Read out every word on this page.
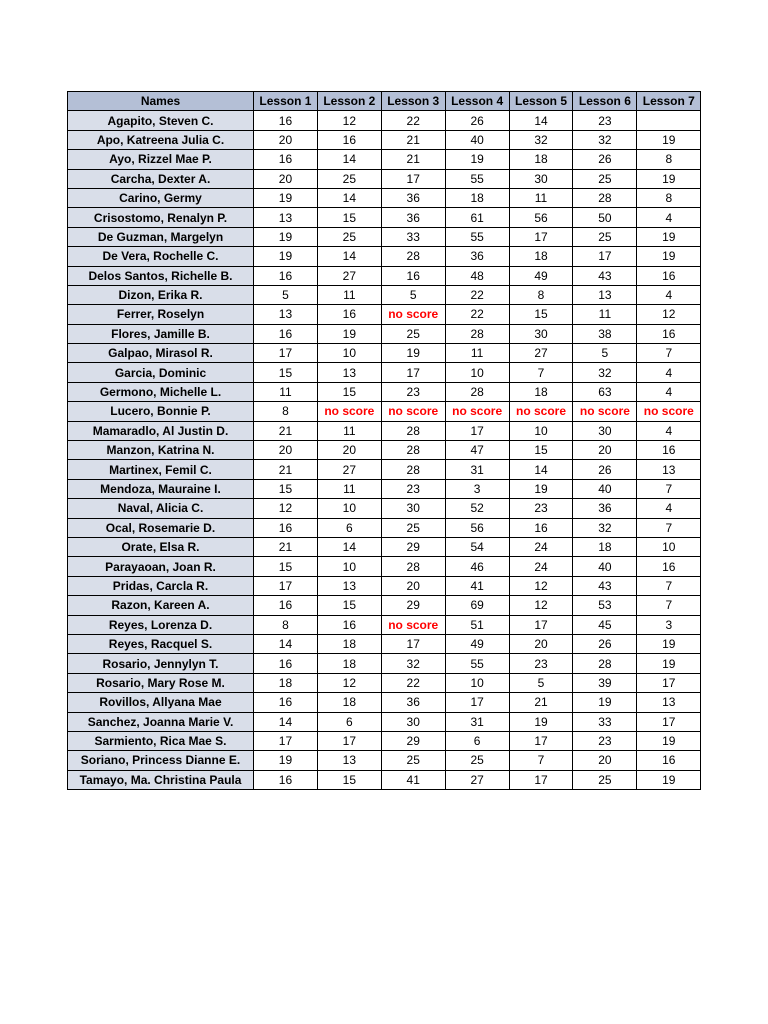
Names	Lesson 1	Lesson 2	Lesson 3	Lesson 4	Lesson 5	Lesson 6	Lesson 7
Agapito, Steven C.	16	12	22	26	14	23	
Apo, Katreena Julia C.	20	16	21	40	32	32	19
Ayo, Rizzel Mae P.	16	14	21	19	18	26	8
Carcha, Dexter A.	20	25	17	55	30	25	19
Carino, Germy	19	14	36	18	11	28	8
Crisostomo, Renalyn P.	13	15	36	61	56	50	4
De Guzman, Margelyn	19	25	33	55	17	25	19
De Vera, Rochelle C.	19	14	28	36	18	17	19
Delos Santos, Richelle B.	16	27	16	48	49	43	16
Dizon, Erika R.	5	11	5	22	8	13	4
Ferrer, Roselyn	13	16	no score	22	15	11	12
Flores, Jamille B.	16	19	25	28	30	38	16
Galpao, Mirasol R.	17	10	19	11	27	5	7
Garcia, Dominic	15	13	17	10	7	32	4
Germono, Michelle L.	11	15	23	28	18	63	4
Lucero, Bonnie P.	8	no score	no score	no score	no score	no score	no score
Mamaradlo, Al Justin D.	21	11	28	17	10	30	4
Manzon, Katrina N.	20	20	28	47	15	20	16
Martinex, Femil C.	21	27	28	31	14	26	13
Mendoza, Mauraine I.	15	11	23	3	19	40	7
Naval, Alicia C.	12	10	30	52	23	36	4
Ocal, Rosemarie D.	16	6	25	56	16	32	7
Orate, Elsa R.	21	14	29	54	24	18	10
Parayaoan, Joan R.	15	10	28	46	24	40	16
Pridas, Carcla R.	17	13	20	41	12	43	7
Razon, Kareen A.	16	15	29	69	12	53	7
Reyes, Lorenza D.	8	16	no score	51	17	45	3
Reyes, Racquel S.	14	18	17	49	20	26	19
Rosario, Jennylyn T.	16	18	32	55	23	28	19
Rosario, Mary Rose M.	18	12	22	10	5	39	17
Rovillos, Allyana Mae	16	18	36	17	21	19	13
Sanchez, Joanna Marie V.	14	6	30	31	19	33	17
Sarmiento, Rica Mae S.	17	17	29	6	17	23	19
Soriano, Princess Dianne E.	19	13	25	25	7	20	16
Tamayo, Ma. Christina Paula	16	15	41	27	17	25	19
